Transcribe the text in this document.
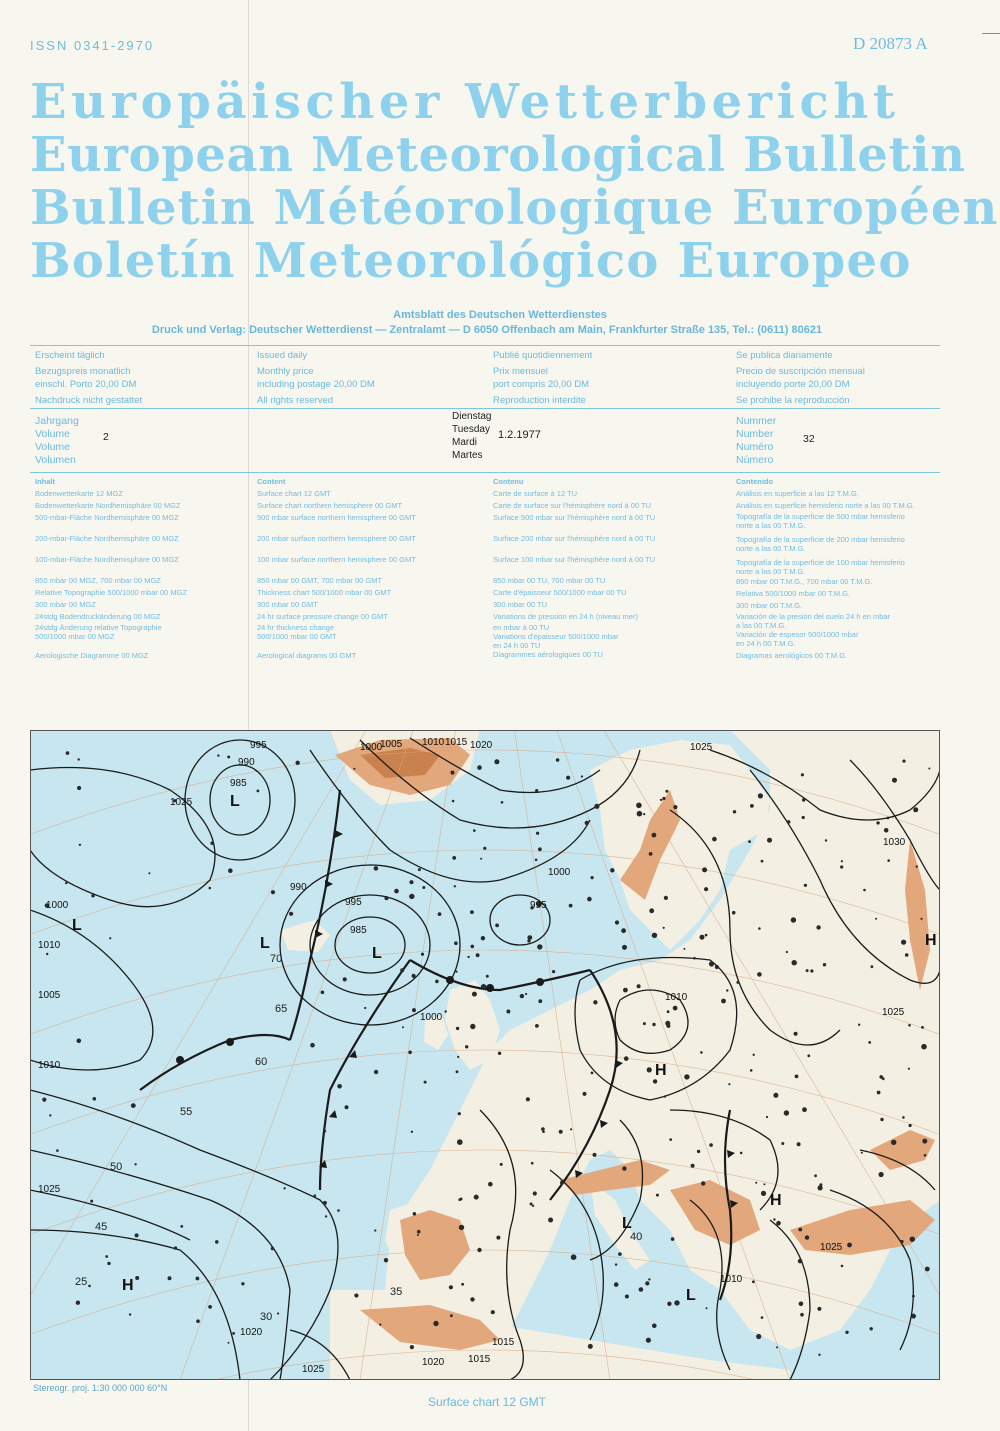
ISSN 0341-2970	D 20873 A
Europäischer Wetterbericht
European Meteorological Bulletin
Bulletin Météorologique Européen
Boletín Meteorológico Europeo
Amtsblatt des Deutschen Wetterdienstes
Druck und Verlag: Deutscher Wetterdienst — Zentralamt — D 6050 Offenbach am Main, Frankfurter Straße 135, Tel.: (0611) 80621
Erscheint täglich
Bezugspreis monatlich
einschl. Porto 20,00 DM
Nachdruck nicht gestattet
Issued daily
Monthly price
including postage 20,00 DM
All rights reserved
Publié quotidiennement
Prix mensuel
port compris 20,00 DM
Reproduction interdite
Se publica diariamente
Precio de suscripción mensual
incluyendo porte 20,00 DM
Se prohibe la reproducción
Jahrgang
Volume
Volume
Volumen
2
Dienstag
Tuesday
Mardi
Martes
1.2.1977
Nummer
Number
Numéro
Número
32
Inhalt
Bodenwetterkarte 12 MGZ
Bodenwetterkarte Nordhemisphäre 00 MGZ
500-mbar-Fläche Nordhemisphäre 00 MGZ
200-mbar-Fläche Nordhemisphäre 00 MGZ
100-mbar-Fläche Nordhemisphäre 00 MGZ
850 mbar 00 MGZ, 700 mbar 00 MGZ
Relative Topographie 500/1000 mbar 00 MGZ
300 mbar 00 MGZ
24stdg Bodendruckänderung 00 MGZ
24stdg Änderung relative Topographie
500/1000 mbar 00 MGZ
Aerologische Diagramme 00 MGZ
Content
Surface chart 12 GMT
Surface chart northern hemisphere 00 GMT
500 mbar surface northern hemisphere 00 GMT
200 mbar surface northern hemisphere 00 GMT
100 mbar surface northern hemisphere 00 GMT
850 mbar 00 GMT, 700 mbar 00 GMT
Thickness chart 500/1000 mbar 00 GMT
300 mbar 00 GMT
24 hr surface pressure change 00 GMT
24 hr thickness change
500/1000 mbar 00 GMT
Aerological diagrams 00 GMT
Contenu
Carte de surface à 12 TU
Carte de surface sur l'hémisphère nord à 00 TU
Surface 500 mbar sur l'hémisphère nord à 00 TU
Surface 200 mbar sur l'hémisphère nord à 00 TU
Surface 100 mbar sur l'hémisphère nord à 00 TU
850 mbar 00 TU, 700 mbar 00 TU
Carte d'épaisseur 500/1000 mbar 00 TU
300 mbar 00 TU
Variations de pression en 24 h (niveau mer)
en mbar à 00 TU
Variations d'épaisseur 500/1000 mbar
en 24 h 00 TU
Diagrammes aérologiques 00 TU
Contenido
Análisis en superficie a las 12 T.M.G.
Análisis en superficie hemisferio norte a las 00 T.M.G.
Topografía de la superficie de 500 mbar hemisferio
norte a las 00 T.M.G.
Topografía de la superficie de 200 mbar hemisferio
norte a las 00 T.M.G.
Topografía de la superficie de 100 mbar hemisferio
norte a las 00 T.M.G.
850 mbar 00 T.M.G., 700 mbar 00 T.M.G.
Relativa 500/1000 mbar 00 T.M.G.
300 mbar 00 T.M.G.
Variación de la presión del suelo 24 h en mbar
a las 00 T.M.G.
Variación de espesor 500/1000 mbar
en 24 h 00 T.M.G.
Diagramas aerológicos 00 T.M.G.
70
65
60
55
50
45
40
35
30
25
995	1000
1005 1010 1015 1020
990
985
1025
995
990
985
995
1000
1000
1010
1005
1010
1000
1025
1025
1025
1020 1015
1015
1020
1025
1010
1030
1025
1010
L
L
L
L
H
H
H
L
L
H
Stereogr. proj. 1:30 000 000 60°N
Surface chart 12 GMT
